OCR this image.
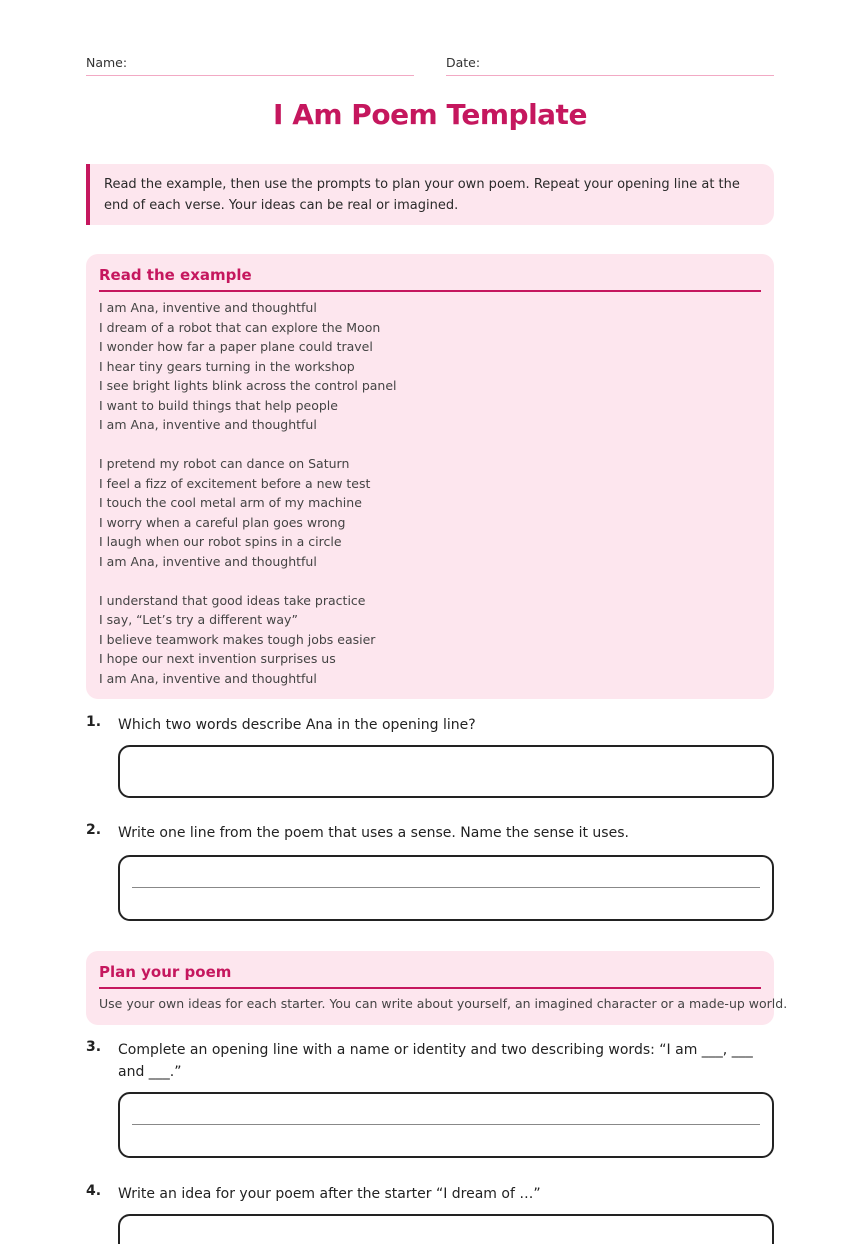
Name:	Date:
I Am Poem Template
Read the example, then use the prompts to plan your own poem. Repeat your opening line at the end of each verse. Your ideas can be real or imagined.
Read the example
I am Ana, inventive and thoughtful
I dream of a robot that can explore the Moon
I wonder how far a paper plane could travel
I hear tiny gears turning in the workshop
I see bright lights blink across the control panel
I want to build things that help people
I am Ana, inventive and thoughtful
I pretend my robot can dance on Saturn
I feel a fizz of excitement before a new test
I touch the cool metal arm of my machine
I worry when a careful plan goes wrong
I laugh when our robot spins in a circle
I am Ana, inventive and thoughtful
I understand that good ideas take practice
I say, “Let’s try a different way”
I believe teamwork makes tough jobs easier
I hope our next invention surprises us
I am Ana, inventive and thoughtful
1. Which two words describe Ana in the opening line?
2. Write one line from the poem that uses a sense. Name the sense it uses.
Plan your poem
Use your own ideas for each starter. You can write about yourself, an imagined character or a made-up world.
3. Complete an opening line with a name or identity and two describing words: “I am ___, ___ and ___.”
4. Write an idea for your poem after the starter “I dream of …”
